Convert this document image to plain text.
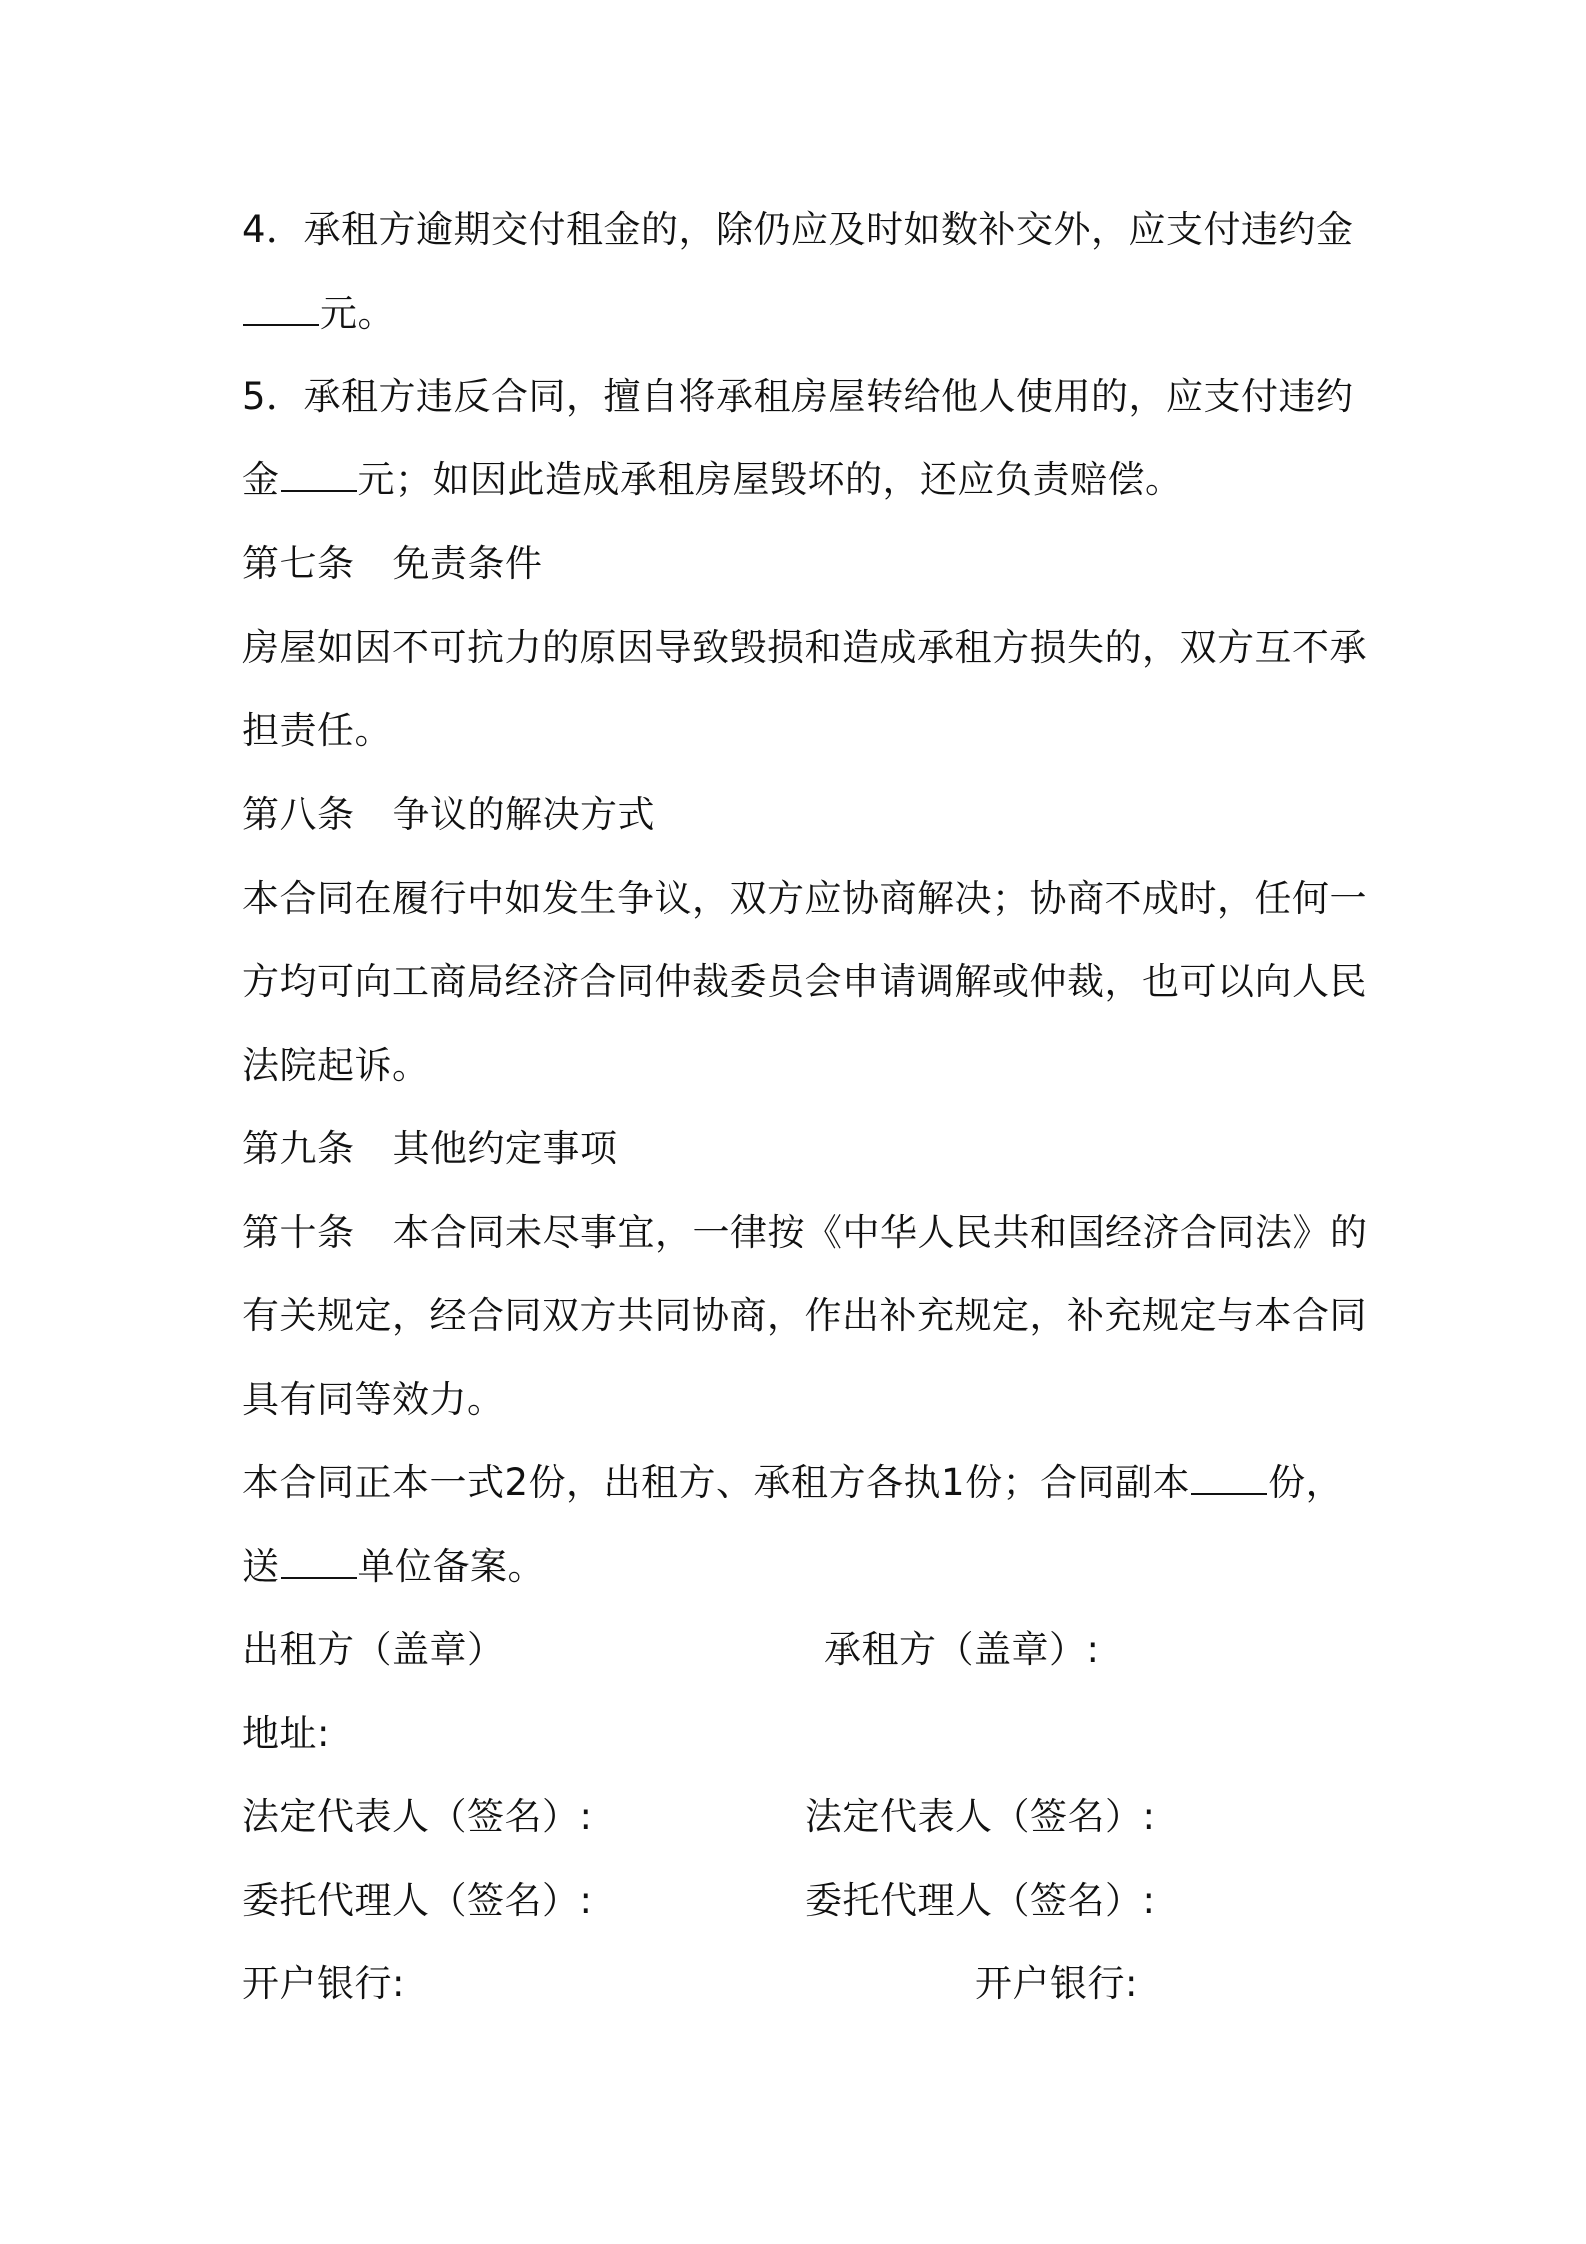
4．承租方逾期交付租金的，除仍应及时如数补交外，应支付违约金
元。
5．承租方违反合同，擅自将承租房屋转给他人使用的，应支付违约
金 元；如因此造成承租房屋毁坏的，还应负责赔偿。
第七条 免责条件
房屋如因不可抗力的原因导致毁损和造成承租方损失的，双方互不承
担责任。
第八条 争议的解决方式
本合同在履行中如发生争议，双方应协商解决；协商不成时，任何一
方均可向工商局经济合同仲裁委员会申请调解或仲裁，也可以向人民
法院起诉。
第九条 其他约定事项
第十条 本合同未尽事宜，一律按《中华人民共和国经济合同法》的
有关规定，经合同双方共同协商，作出补充规定，补充规定与本合同
具有同等效力。
本合同正本一式2份，出租方、承租方各执1份；合同副本 份，
送 单位备案。
出租方（盖章）	承租方（盖章）:
地址:
法定代表人（签名）:	法定代表人（签名）:
委托代理人（签名）:	委托代理人（签名）:
开户银行:	开户银行:
